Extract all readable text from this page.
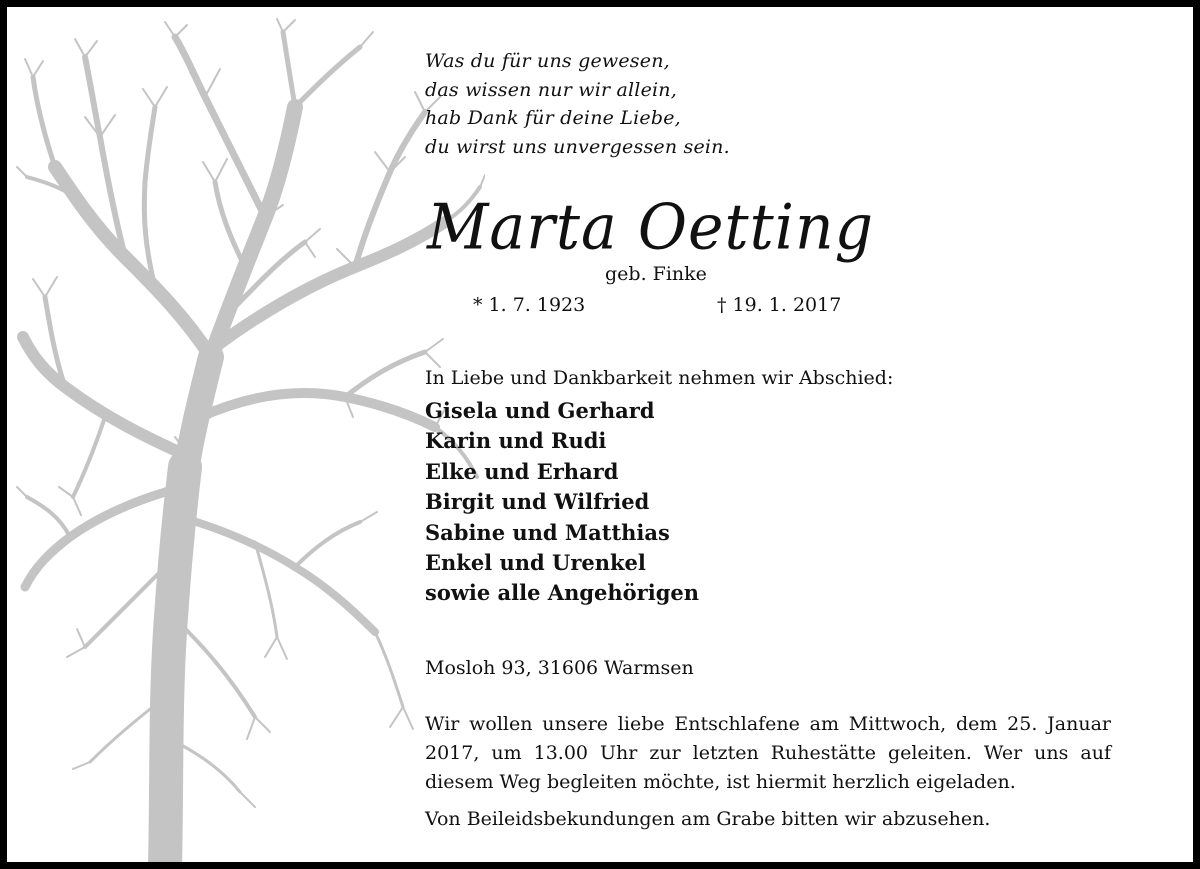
Was du für uns gewesen,
das wissen nur wir allein,
hab Dank für deine Liebe,
du wirst uns unvergessen sein.
Marta Oetting
geb. Finke
* 1. 7. 1923	† 19. 1. 2017
In Liebe und Dankbarkeit nehmen wir Abschied:
Gisela und Gerhard
Karin und Rudi
Elke und Erhard
Birgit und Wilfried
Sabine und Matthias
Enkel und Urenkel
sowie alle Angehörigen
Mosloh 93, 31606 Warmsen
Wir wollen unsere liebe Entschlafene am Mittwoch, dem 25. Januar 2017, um 13.00 Uhr zur letzten Ruhestätte geleiten. Wer uns auf diesem Weg begleiten möchte, ist hiermit herzlich eigeladen.
Von Beileidsbekundungen am Grabe bitten wir abzusehen.
